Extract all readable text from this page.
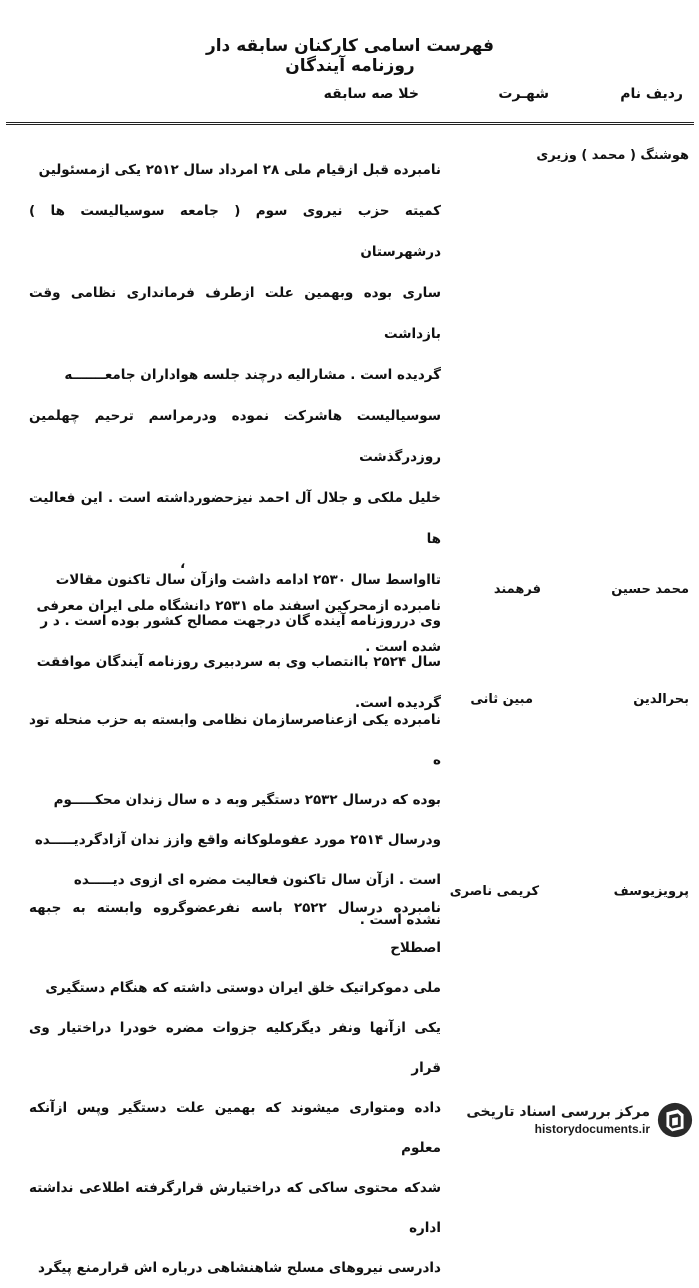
فهرست اسامی کارکنان سابقه دار روزنامه آیندگان
ردیف
نام
شهـرت
خلا صه سابقه
هوشنگ ( محمد ) وزیری
نامبرده قبل ازقیام ملی ۲۸ امرداد سال ۲۵۱۲ یکی ازمسئولین
کمیته حزب نیروی سوم ( جامعه سوسیالیست ها ) درشهرستان
ساری بوده وبهمین علت ازطرف فرمانداری نظامی وقت بازداشت
گردیده است . مشارالیه درچند جلسه هواداران جامعـــــــه
سوسیالیست هاشرکت نموده ودرمراسم ترحیم چهلمین روزدرگذشت
خلیل ملکی و جلال آل احمد نیزحضورداشته است . این فعالیت ها
تااواسط سال ۲۵۳۰ ادامه داشت وازآن سال تاکنون مقالات
وی درروزنامه آینده گان درجهت مصالح کشور بوده است . د ر
سال ۲۵۲۴ باانتصاب وی به سردبیری روزنامه آیندگان موافقت
گردیده است.
،
محمد حسین
فرهمند
نامبرده ازمحرکین اسفند ماه ۲۵۳۱ دانشگاه ملی ایران معرفی
شده است .
بحرالدین
مبین ثانی
نامبرده یکی ازعناصرسازمان نظامی وابسته به حزب منحله تود ه
بوده که درسال ۲۵۳۲ دستگیر وبه د ه سال زندان محکـــــوم
ودرسال ۲۵۱۴ مورد عفوملوکانه واقع وازز ندان آزادگردیـــــده
است . ازآن سال تاکنون فعالیت مضره ای ازوی دیـــــده
نشده است .
پرویزیوسف
کریمی ناصری
نامبرده درسال ۲۵۲۲ باسه نفرعضوگروه وابسته به جبهه اصطلاح
ملی دموکراتیک خلق ایران دوستی داشته که هنگام دستگیری
یکی ازآنها ونفر دیگرکلیه جزوات مضره خودرا دراختیار وی قرار
داده ومتواری میشوند که بهمین علت دستگیر وپس ازآنکه معلوم
شدکه محتوی ساکی که دراختیارش قرارگرفته اطلاعی نداشته اداره
دادرسی نیروهای مسلح شاهنشاهی درباره اش قرارمنع پیگرد
مرکز بررسی اسناد تاریخی
historydocuments.ir
